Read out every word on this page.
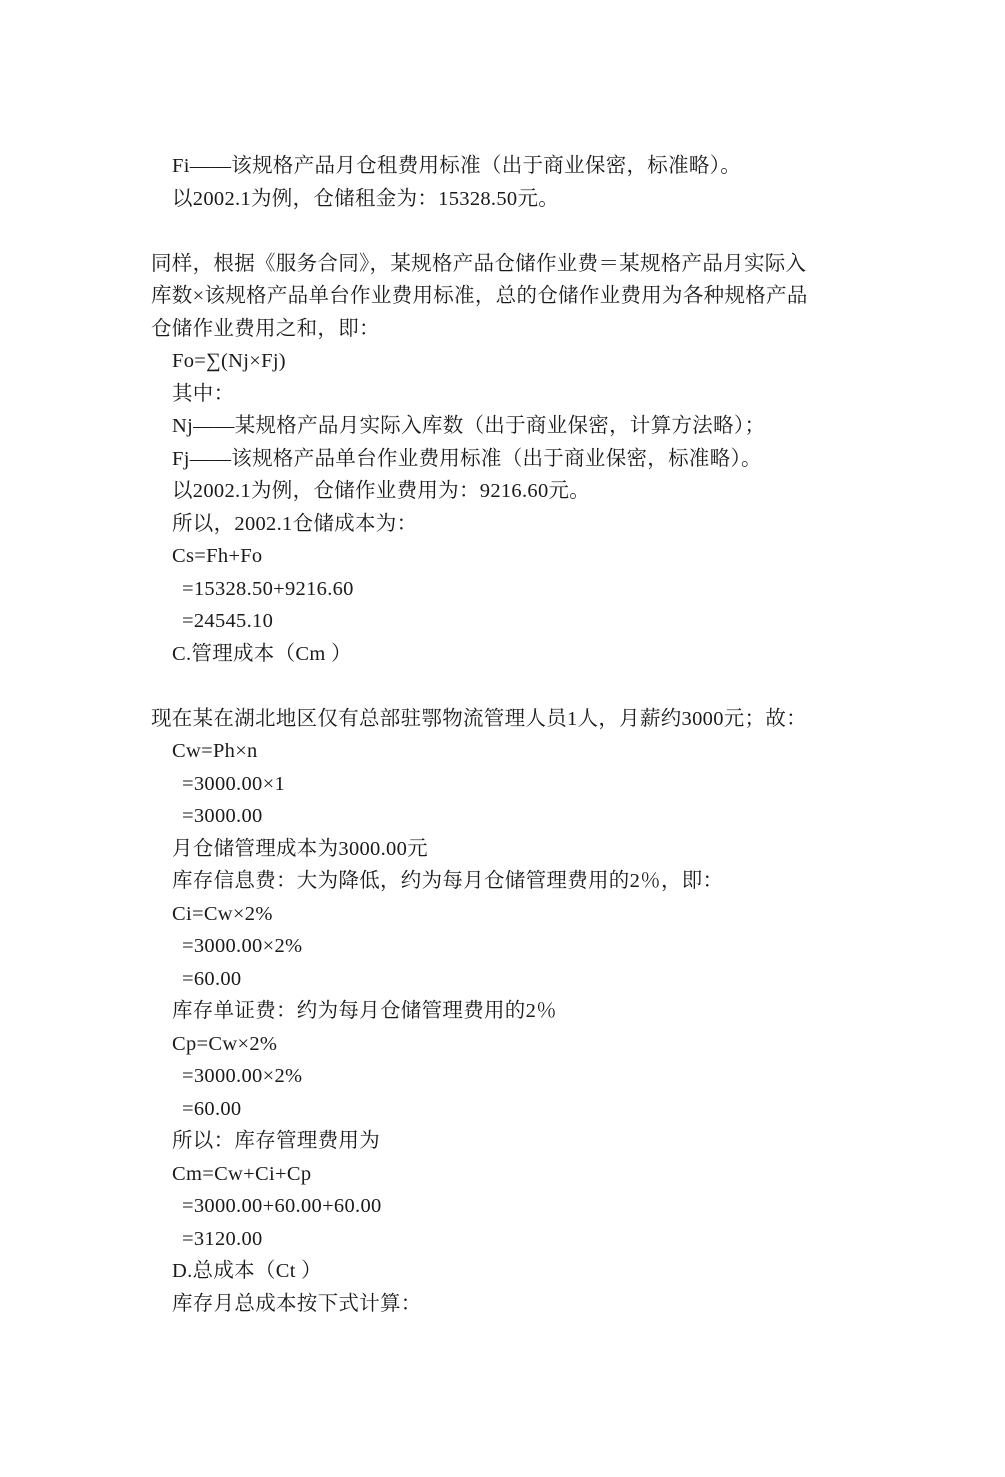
Fi——该规格产品月仓租费用标准（出于商业保密，标准略）。
以2002.1为例，仓储租金为：15328.50元。
同样，根据《服务合同》，某规格产品仓储作业费＝某规格产品月实际入
库数×该规格产品单台作业费用标准，总的仓储作业费用为各种规格产品
仓储作业费用之和，即：
Fo=∑(Nj×Fj)
其中：
Nj——某规格产品月实际入库数（出于商业保密，计算方法略）；
Fj——该规格产品单台作业费用标准（出于商业保密，标准略）。
以2002.1为例，仓储作业费用为：9216.60元。
所以，2002.1仓储成本为：
Cs=Fh+Fo
=15328.50+9216.60
=24545.10
C.管理成本（Cm ）
现在某在湖北地区仅有总部驻鄂物流管理人员1人，月薪约3000元；故：
Cw=Ph×n
=3000.00×1
=3000.00
月仓储管理成本为3000.00元
库存信息费：大为降低，约为每月仓储管理费用的2％，即：
Ci=Cw×2%
=3000.00×2%
=60.00
库存单证费：约为每月仓储管理费用的2％
Cp=Cw×2%
=3000.00×2%
=60.00
所以：库存管理费用为
Cm=Cw+Ci+Cp
=3000.00+60.00+60.00
=3120.00
D.总成本（Ct ）
库存月总成本按下式计算：
